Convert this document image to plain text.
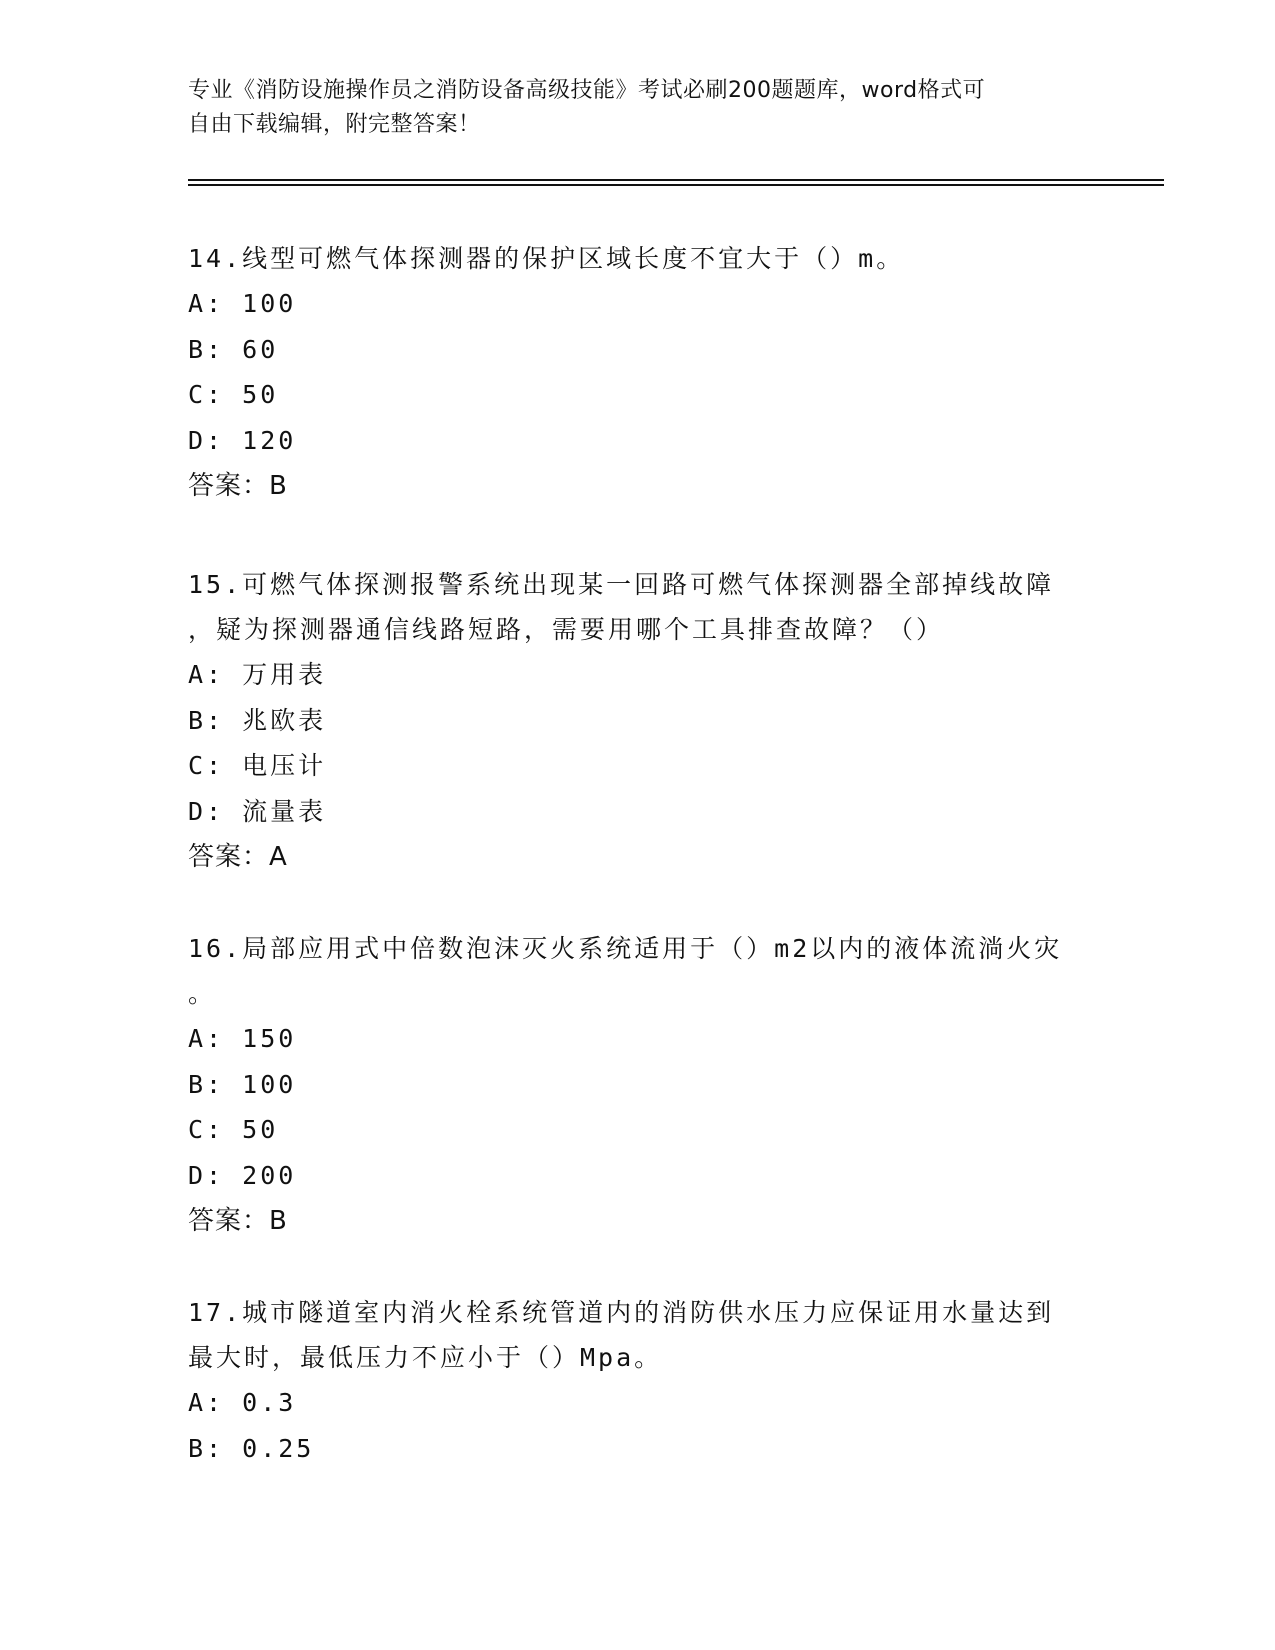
专业《消防设施操作员之消防设备高级技能》考试必刷200题题库，word格式可
自由下载编辑，附完整答案！
14.线型可燃气体探测器的保护区域长度不宜大于（）m。
A: 100
B: 60
C: 50
D: 120
答案：B
15.可燃气体探测报警系统出现某一回路可燃气体探测器全部掉线故障
，疑为探测器通信线路短路，需要用哪个工具排查故障？（）
A: 万用表
B: 兆欧表
C: 电压计
D: 流量表
答案：A
16.局部应用式中倍数泡沫灭火系统适用于（）m2以内的液体流淌火灾
。
A: 150
B: 100
C: 50
D: 200
答案：B
17.城市隧道室内消火栓系统管道内的消防供水压力应保证用水量达到
最大时，最低压力不应小于（）Mpa。
A: 0.3
B: 0.25
